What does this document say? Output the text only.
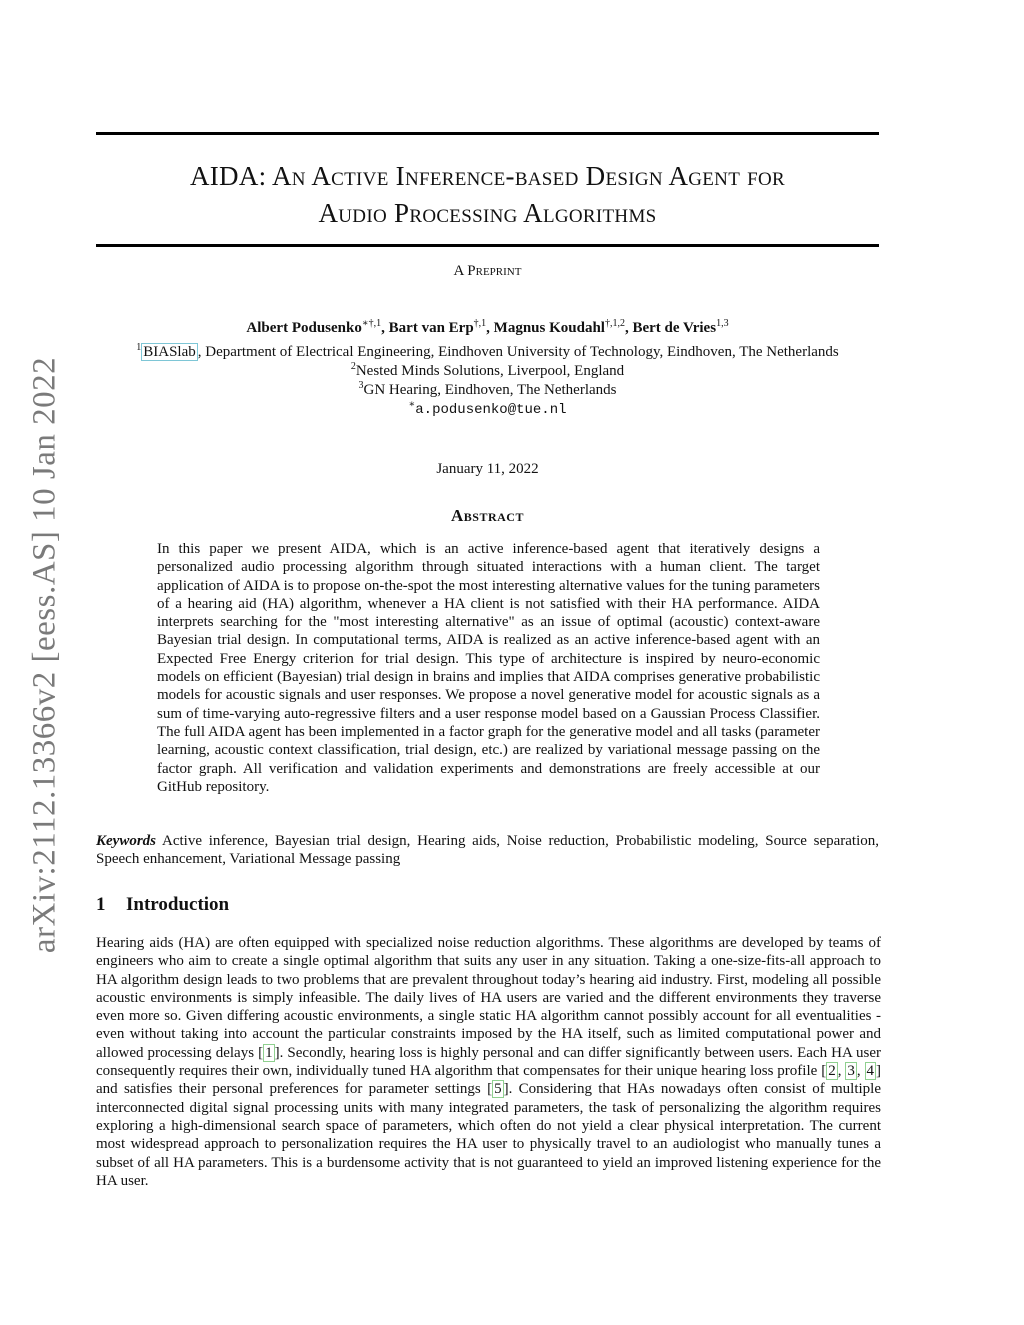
arXiv:2112.13366v2 [eess.AS] 10 Jan 2022
AIDA: An Active Inference-based Design Agent for
Audio Processing Algorithms
A Preprint
Albert Podusenko$^{∗\dagger,1}$, Bart van Erp$^{\dagger,1}$, Magnus Koudahl$^{\dagger,1,2}$, Bert de Vries$^{1,3}$
$^1$ BIASlab , Department of Electrical Engineering, Eindhoven University of Technology, Eindhoven, The Netherlands
$^2$Nested Minds Solutions, Liverpool, England
$^3$GN Hearing, Eindhoven, The Netherlands
∗a.podusenko@tue.nl
January 11, 2022
Abstract

In this paper we present AIDA, which is an active inference-based agent that iteratively designs a personalized audio processing algorithm through situated interactions with a human client. The target application of AIDA is to propose on-the-spot the most interesting alternative values for the tuning parameters of a hearing aid (HA) algorithm, whenever a HA client is not satisfied with their HA performance. AIDA interprets searching for the "most interesting alternative" as an issue of optimal (acoustic) context-aware Bayesian trial design. In computational terms, AIDA is realized as an active inference-based agent with an Expected Free Energy criterion for trial design. This type of architecture is inspired by neuro-economic models on efficient (Bayesian) trial design in brains and implies that AIDA comprises generative probabilistic models for acoustic signals and user responses. We propose a novel generative model for acoustic signals as a sum of time-varying auto-regressive filters and a user response model based on a Gaussian Process Classifier. The full AIDA agent has been implemented in a factor graph for the generative model and all tasks (parameter learning, acoustic context classification, trial design, etc.) are realized by variational message passing on the factor graph. All verification and validation experiments and demonstrations are freely accessible at our GitHub repository.

Keywords Active inference, Bayesian trial design, Hearing aids, Noise reduction, Probabilistic modeling, Source separation, Speech enhancement, Variational Message passing

1 Introduction

Hearing aids (HA) are often equipped with specialized noise reduction algorithms. These algorithms are developed by teams of engineers who aim to create a single optimal algorithm that suits any user in any situation. Taking a one-size-fits-all approach to HA algorithm design leads to two problems that are prevalent throughout today’s hearing aid industry. First, modeling all possible acoustic environments is simply infeasible. The daily lives of HA users are varied and the different environments they traverse even more so. Given differing acoustic environments, a single static HA algorithm cannot possibly account for all eventualities - even without taking into account the particular constraints imposed by the HA itself, such as limited computational power and allowed processing delays [ 1 ]. Secondly, hearing loss is highly personal and can differ significantly between users. Each HA user consequently requires their own, individually tuned HA algorithm that compensates for their unique hearing loss profile [ 2 , 3 , 4 ] and satisfies their personal preferences for parameter settings [ 5 ]. Considering that HAs nowadays often consist of multiple interconnected digital signal processing units with many integrated parameters, the task of personalizing the algorithm requires exploring a high-dimensional search space of parameters, which often do not yield a clear physical interpretation. The current most widespread approach to personalization requires the HA user to physically travel to an audiologist who manually tunes a subset of all HA parameters. This is a burdensome activity that is not guaranteed to yield an improved listening experience for the HA user.
